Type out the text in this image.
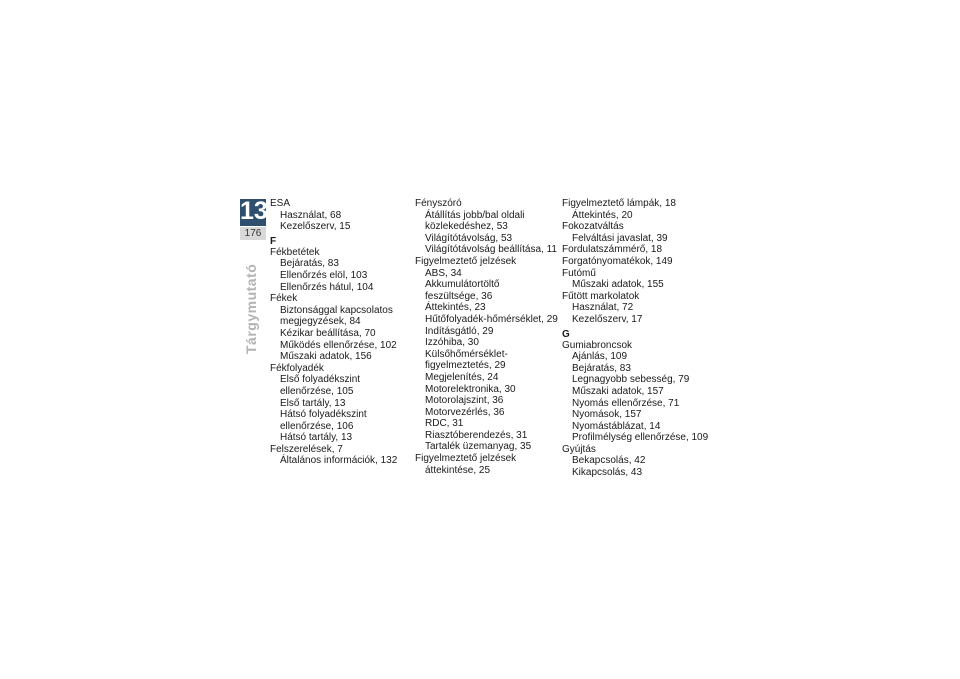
13
176
Tárgymutató
ESA
Használat, 68
Kezelőszerv, 15
F
Fékbetétek
Bejáratás, 83
Ellenőrzés elöl, 103
Ellenőrzés hátul, 104
Fékek
Biztonsággal kapcsolatos
megjegyzések, 84
Kézikar beállítása, 70
Működés ellenőrzése, 102
Műszaki adatok, 156
Fékfolyadék
Első folyadékszint
ellenőrzése, 105
Első tartály, 13
Hátsó folyadékszint
ellenőrzése, 106
Hátsó tartály, 13
Felszerelések, 7
Általános információk, 132
Fényszóró
Átállítás jobb/bal oldali
közlekedéshez, 53
Világítótávolság, 53
Világítótávolság beállítása, 11
Figyelmeztető jelzések
ABS, 34
Akkumulátortöltő
feszültsége, 36
Áttekintés, 23
Hűtőfolyadék-hőmérséklet, 29
Indításgátló, 29
Izzóhiba, 30
Külsőhőmérséklet-
figyelmeztetés, 29
Megjelenítés, 24
Motorelektronika, 30
Motorolajszint, 36
Motorvezérlés, 36
RDC, 31
Riasztóberendezés, 31
Tartalék üzemanyag, 35
Figyelmeztető jelzések
áttekintése, 25
Figyelmeztető lámpák, 18
Áttekintés, 20
Fokozatváltás
Felváltási javaslat, 39
Fordulatszámmérő, 18
Forgatónyomatékok, 149
Futómű
Műszaki adatok, 155
Fűtött markolatok
Használat, 72
Kezelőszerv, 17
G
Gumiabroncsok
Ajánlás, 109
Bejáratás, 83
Legnagyobb sebesség, 79
Műszaki adatok, 157
Nyomás ellenőrzése, 71
Nyomások, 157
Nyomástáblázat, 14
Profilmélység ellenőrzése, 109
Gyújtás
Bekapcsolás, 42
Kikapcsolás, 43
